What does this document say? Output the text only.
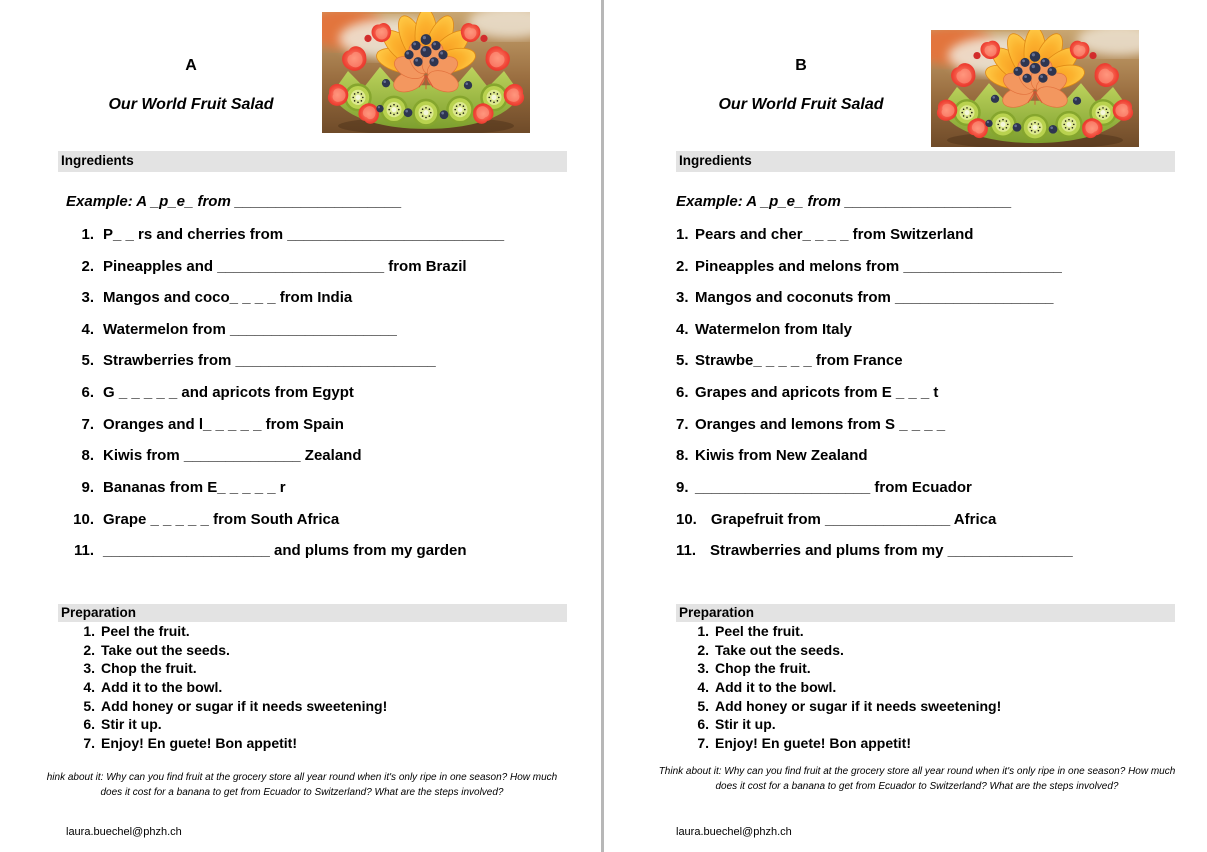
A
Our World Fruit Salad
Ingredients
Example: A _p_e_ from ____________________
1. P_ _ rs and cherries from __________________________
2. Pineapples and ____________________ from Brazil
3. Mangos and coco_ _ _ _ from India
4. Watermelon from ____________________
5. Strawberries from ________________________
6. G _ _ _ _ _ and apricots from Egypt
7. Oranges and l_ _ _ _ _ from Spain
8. Kiwis from ______________ Zealand
9. Bananas from E_ _ _ _ _ r
10. Grape _ _ _ _ _ from South Africa
11. ____________________ and plums from my garden
Preparation
1. Peel the fruit.
2. Take out the seeds.
3. Chop the fruit.
4. Add it to the bowl.
5. Add honey or sugar if it needs sweetening!
6. Stir it up.
7. Enjoy! En guete! Bon appetit!
hink about it: Why can you find fruit at the grocery store all year round when it's only ripe in one season? How much does it cost for a banana to get from Ecuador to Switzerland? What are the steps involved?
laura.buechel@phzh.ch
B
Our World Fruit Salad
Ingredients
Example: A _p_e_ from ____________________
1. Pears and cher_ _ _ _ from Switzerland
2. Pineapples and melons from ___________________
3. Mangos and coconuts from ___________________
4. Watermelon from Italy
5. Strawbe_ _ _ _ _ from France
6. Grapes and apricots from E _ _ _ t
7. Oranges and lemons from S _ _ _ _
8. Kiwis from New Zealand
9. _____________________ from Ecuador
10. Grapefruit from _______________ Africa
11. Strawberries and plums from my _______________
Preparation
1. Peel the fruit.
2. Take out the seeds.
3. Chop the fruit.
4. Add it to the bowl.
5. Add honey or sugar if it needs sweetening!
6. Stir it up.
7. Enjoy! En guete! Bon appetit!
Think about it: Why can you find fruit at the grocery store all year round when it's only ripe in one season? How much does it cost for a banana to get from Ecuador to Switzerland? What are the steps involved?
laura.buechel@phzh.ch
